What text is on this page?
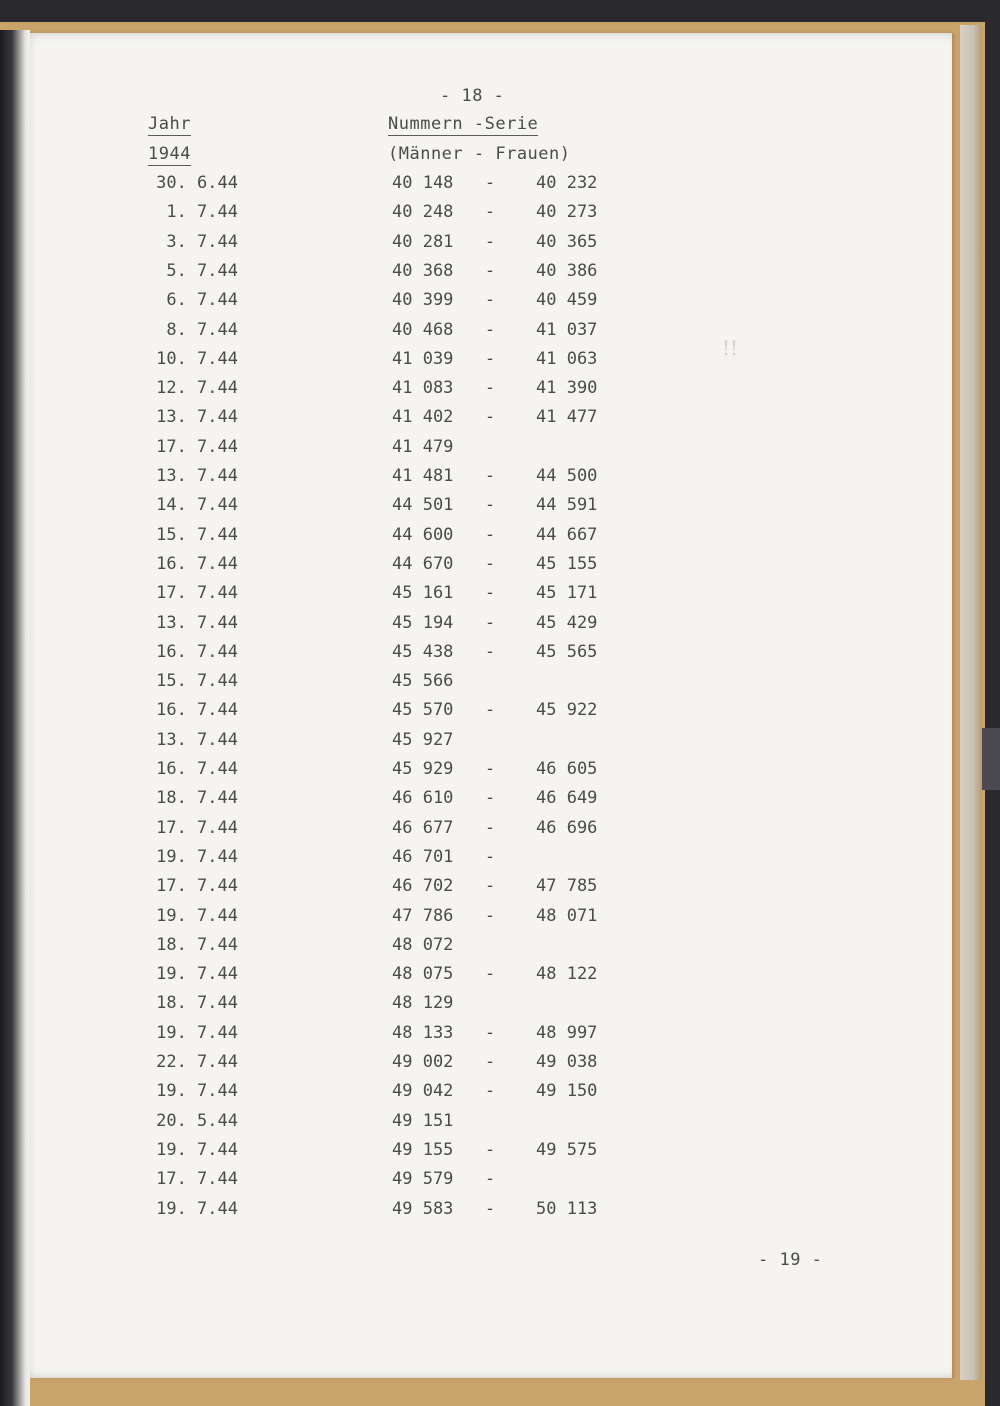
- 18 -
Jahr
1944
Nummern -Serie
(Männer - Frauen)
30. 6.44	40 148	- 40 232
1. 7.44	40 248	- 40 273
3. 7.44	40 281	- 40 365
5. 7.44	40 368	- 40 386
6. 7.44	40 399	- 40 459
8. 7.44	40 468	- 41 037
10. 7.44	41 039	- 41 063
12. 7.44	41 083	- 41 390
13. 7.44	41 402	- 41 477
17. 7.44	41 479
13. 7.44	41 481	- 44 500
14. 7.44	44 501	- 44 591
15. 7.44	44 600	- 44 667
16. 7.44	44 670	- 45 155
17. 7.44	45 161	- 45 171
13. 7.44	45 194	- 45 429
16. 7.44	45 438	- 45 565
15. 7.44	45 566
16. 7.44	45 570	- 45 922
13. 7.44	45 927
16. 7.44	45 929	- 46 605
18. 7.44	46 610	- 46 649
17. 7.44	46 677	- 46 696
19. 7.44	46 701	-
17. 7.44	46 702	- 47 785
19. 7.44	47 786	- 48 071
18. 7.44	48 072
19. 7.44	48 075	- 48 122
18. 7.44	48 129
19. 7.44	48 133	- 48 997
22. 7.44	49 002	- 49 038
19. 7.44	49 042	- 49 150
20. 5.44	49 151
19. 7.44	49 155	- 49 575
17. 7.44	49 579	-
19. 7.44	49 583	- 50 113
!!
- 19 -
